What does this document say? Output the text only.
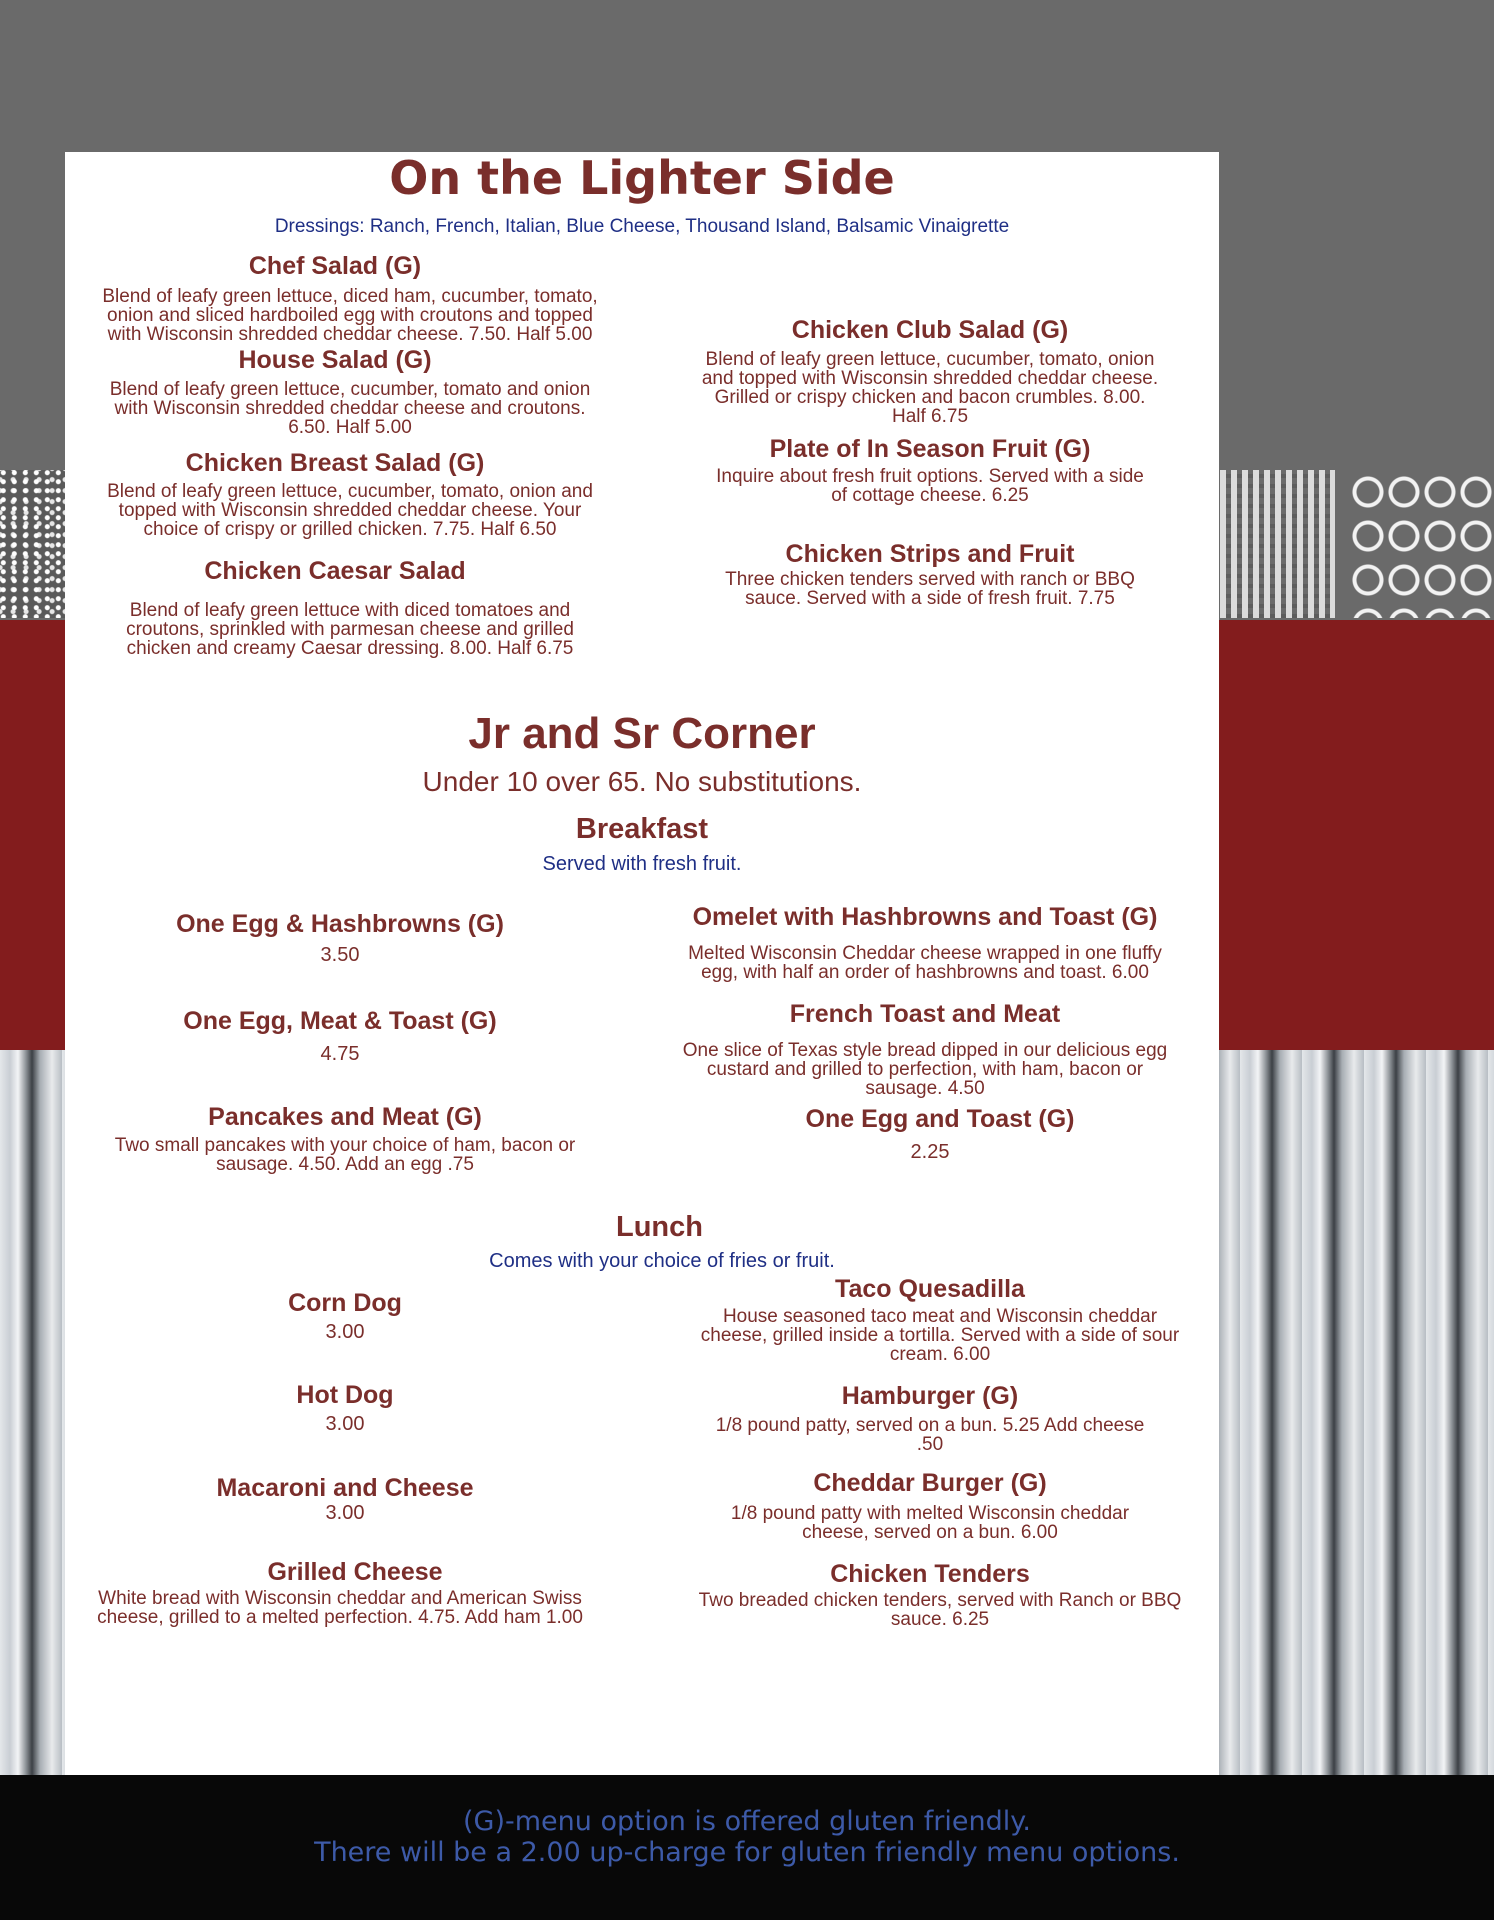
On the Lighter Side

Dressings: Ranch, French, Italian, Blue Cheese, Thousand Island, Balsamic Vinaigrette

Chef Salad (G)
Blend of leafy green lettuce, diced ham, cucumber, tomato,
onion and sliced hardboiled egg with croutons and topped
with Wisconsin shredded cheddar cheese. 7.50. Half 5.00
House Salad (G)
Blend of leafy green lettuce, cucumber, tomato and onion
with Wisconsin shredded cheddar cheese and croutons.
6.50. Half 5.00
Chicken Breast Salad (G)
Blend of leafy green lettuce, cucumber, tomato, onion and
topped with Wisconsin shredded cheddar cheese. Your
choice of crispy or grilled chicken. 7.75. Half 6.50
Chicken Caesar Salad
Blend of leafy green lettuce with diced tomatoes and
croutons, sprinkled with parmesan cheese and grilled
chicken and creamy Caesar dressing. 8.00. Half 6.75
Chicken Club Salad (G)
Blend of leafy green lettuce, cucumber, tomato, onion
and topped with Wisconsin shredded cheddar cheese.
Grilled or crispy chicken and bacon crumbles. 8.00.
Half 6.75
Plate of In Season Fruit (G)
Inquire about fresh fruit options. Served with a side
of cottage cheese. 6.25
Chicken Strips and Fruit
Three chicken tenders served with ranch or BBQ
sauce. Served with a side of fresh fruit. 7.75
Jr and Sr Corner

Under 10 over 65. No substitutions.

Breakfast

Served with fresh fruit.

One Egg & Hashbrowns (G)
3.50
One Egg, Meat & Toast (G)
4.75
Pancakes and Meat (G)
Two small pancakes with your choice of ham, bacon or
sausage. 4.50. Add an egg .75
Omelet with Hashbrowns and Toast (G)
Melted Wisconsin Cheddar cheese wrapped in one fluffy
egg, with half an order of hashbrowns and toast. 6.00
French Toast and Meat
One slice of Texas style bread dipped in our delicious egg
custard and grilled to perfection, with ham, bacon or
sausage. 4.50
One Egg and Toast (G)
2.25
Lunch

Comes with your choice of fries or fruit.

Corn Dog
3.00
Hot Dog
3.00
Macaroni and Cheese
3.00
Grilled Cheese
White bread with Wisconsin cheddar and American Swiss
cheese, grilled to a melted perfection. 4.75. Add ham 1.00
Taco Quesadilla
House seasoned taco meat and Wisconsin cheddar
cheese, grilled inside a tortilla. Served with a side of sour
cream. 6.00
Hamburger (G)
1/8 pound patty, served on a bun. 5.25 Add cheese
.50
Cheddar Burger (G)
1/8 pound patty with melted Wisconsin cheddar
cheese, served on a bun. 6.00
Chicken Tenders
Two breaded chicken tenders, served with Ranch or BBQ
sauce. 6.25

(G)-menu option is offered gluten friendly.

There will be a 2.00 up-charge for gluten friendly menu options.
